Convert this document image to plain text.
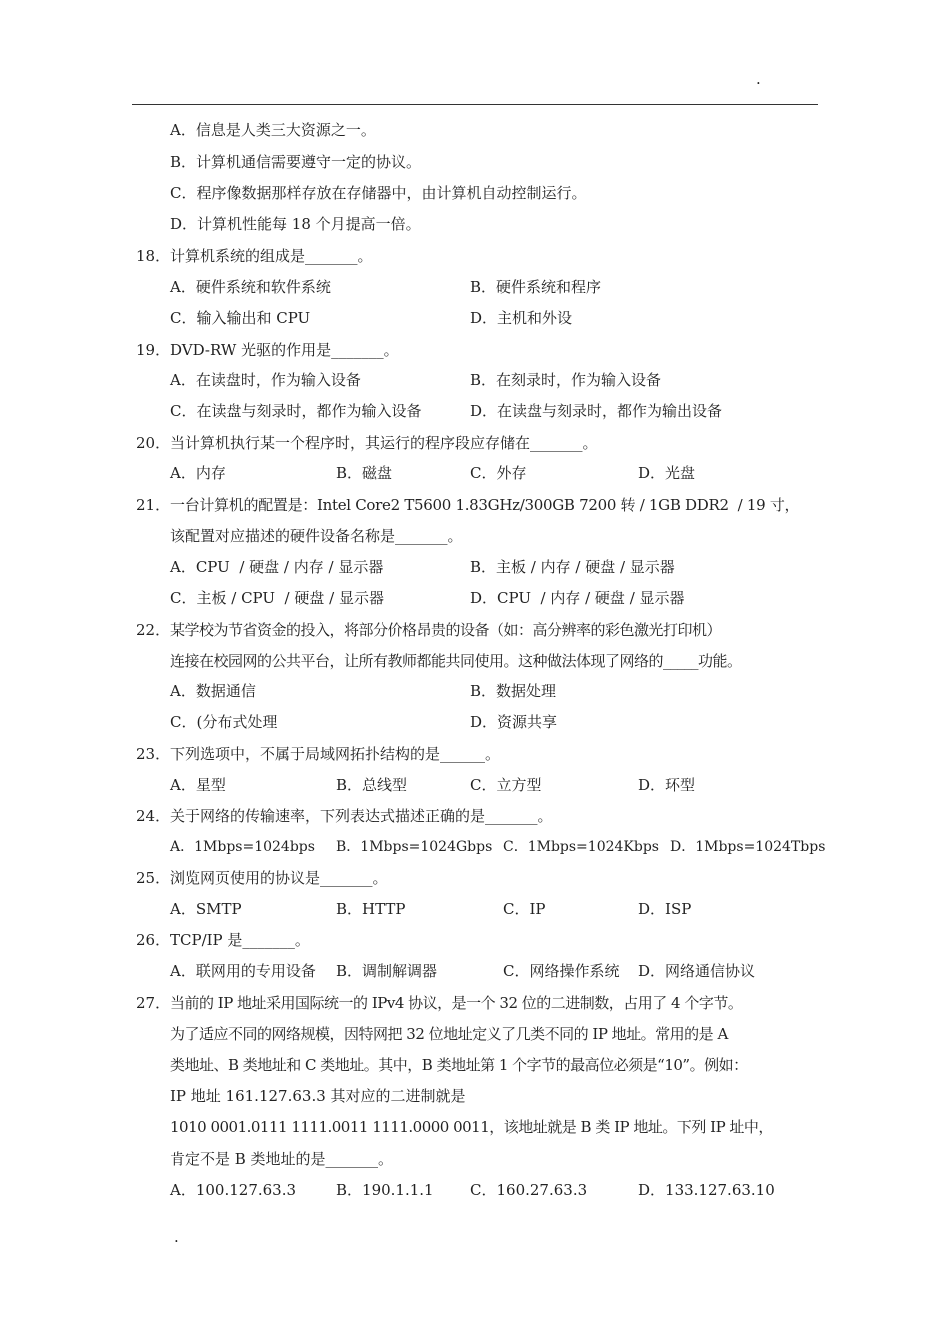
.
A．信息是人类三大资源之一。
B．计算机通信需要遵守一定的协议。
C．程序像数据那样存放在存储器中，由计算机自动控制运行。
D．计算机性能每 18 个月提高一倍。
18． 计算机系统的组成是_______。
A．硬件系统和软件系统	B．硬件系统和程序
C．输入输出和 CPU	D．主机和外设
19． DVD-RW 光驱的作用是_______。
A．在读盘时，作为输入设备	B．在刻录时，作为输入设备
C．在读盘与刻录时，都作为输入设备	D．在读盘与刻录时，都作为输出设备
20． 当计算机执行某一个程序时，其运行的程序段应存储在_______。
A．内存	B．磁盘	C．外存	D．光盘
21． 一台计算机的配置是：Intel Core2 T5600 1.83GHz/300GB 7200 转 / 1GB DDR2  / 19 寸，
该配置对应描述的硬件设备名称是_______。
A．CPU  / 硬盘 / 内存 / 显示器	B．主板 / 内存 / 硬盘 / 显示器
C．主板 / CPU  / 硬盘 / 显示器	D．CPU  / 内存 / 硬盘 / 显示器
22． 某学校为节省资金的投入，将部分价格昂贵的设备（如：高分辨率的彩色激光打印机）
连接在校园网的公共平台，让所有教师都能共同使用。这种做法体现了网络的_____功能。
A．数据通信	B．数据处理
C．(分布式处理	D．资源共享
23． 下列选项中，不属于局域网拓扑结构的是______。
A．星型	B．总线型	C．立方型	D．环型
24． 关于网络的传输速率，下列表达式描述正确的是_______。
A．1Mbps=1024bps B．1Mbps=1024Gbps C．1Mbps=1024Kbps D．1Mbps=1024Tbps
25． 浏览网页使用的协议是_______。
A．SMTP	B．HTTP	C．IP	D．ISP
26． TCP/IP 是_______。
A．联网用的专用设备 B．调制解调器	C．网络操作系统 D．网络通信协议
27． 当前的 IP 地址采用国际统一的 IPv4 协议，是一个 32 位的二进制数，占用了 4 个字节。
为了适应不同的网络规模，因特网把 32 位地址定义了几类不同的 IP 地址。常用的是 A
类地址、B 类地址和 C 类地址。其中，B 类地址第 1 个字节的最高位必须是“10”。例如：
IP 地址 161.127.63.3 其对应的二进制就是
1010 0001.0111 1111.0011 1111.0000 0011，该地址就是 B 类 IP 地址。下列 IP 址中，
肯定不是 B 类地址的是_______。
A．100.127.63.3	B．190.1.1.1 C．160.27.63.3	D．133.127.63.10
.
